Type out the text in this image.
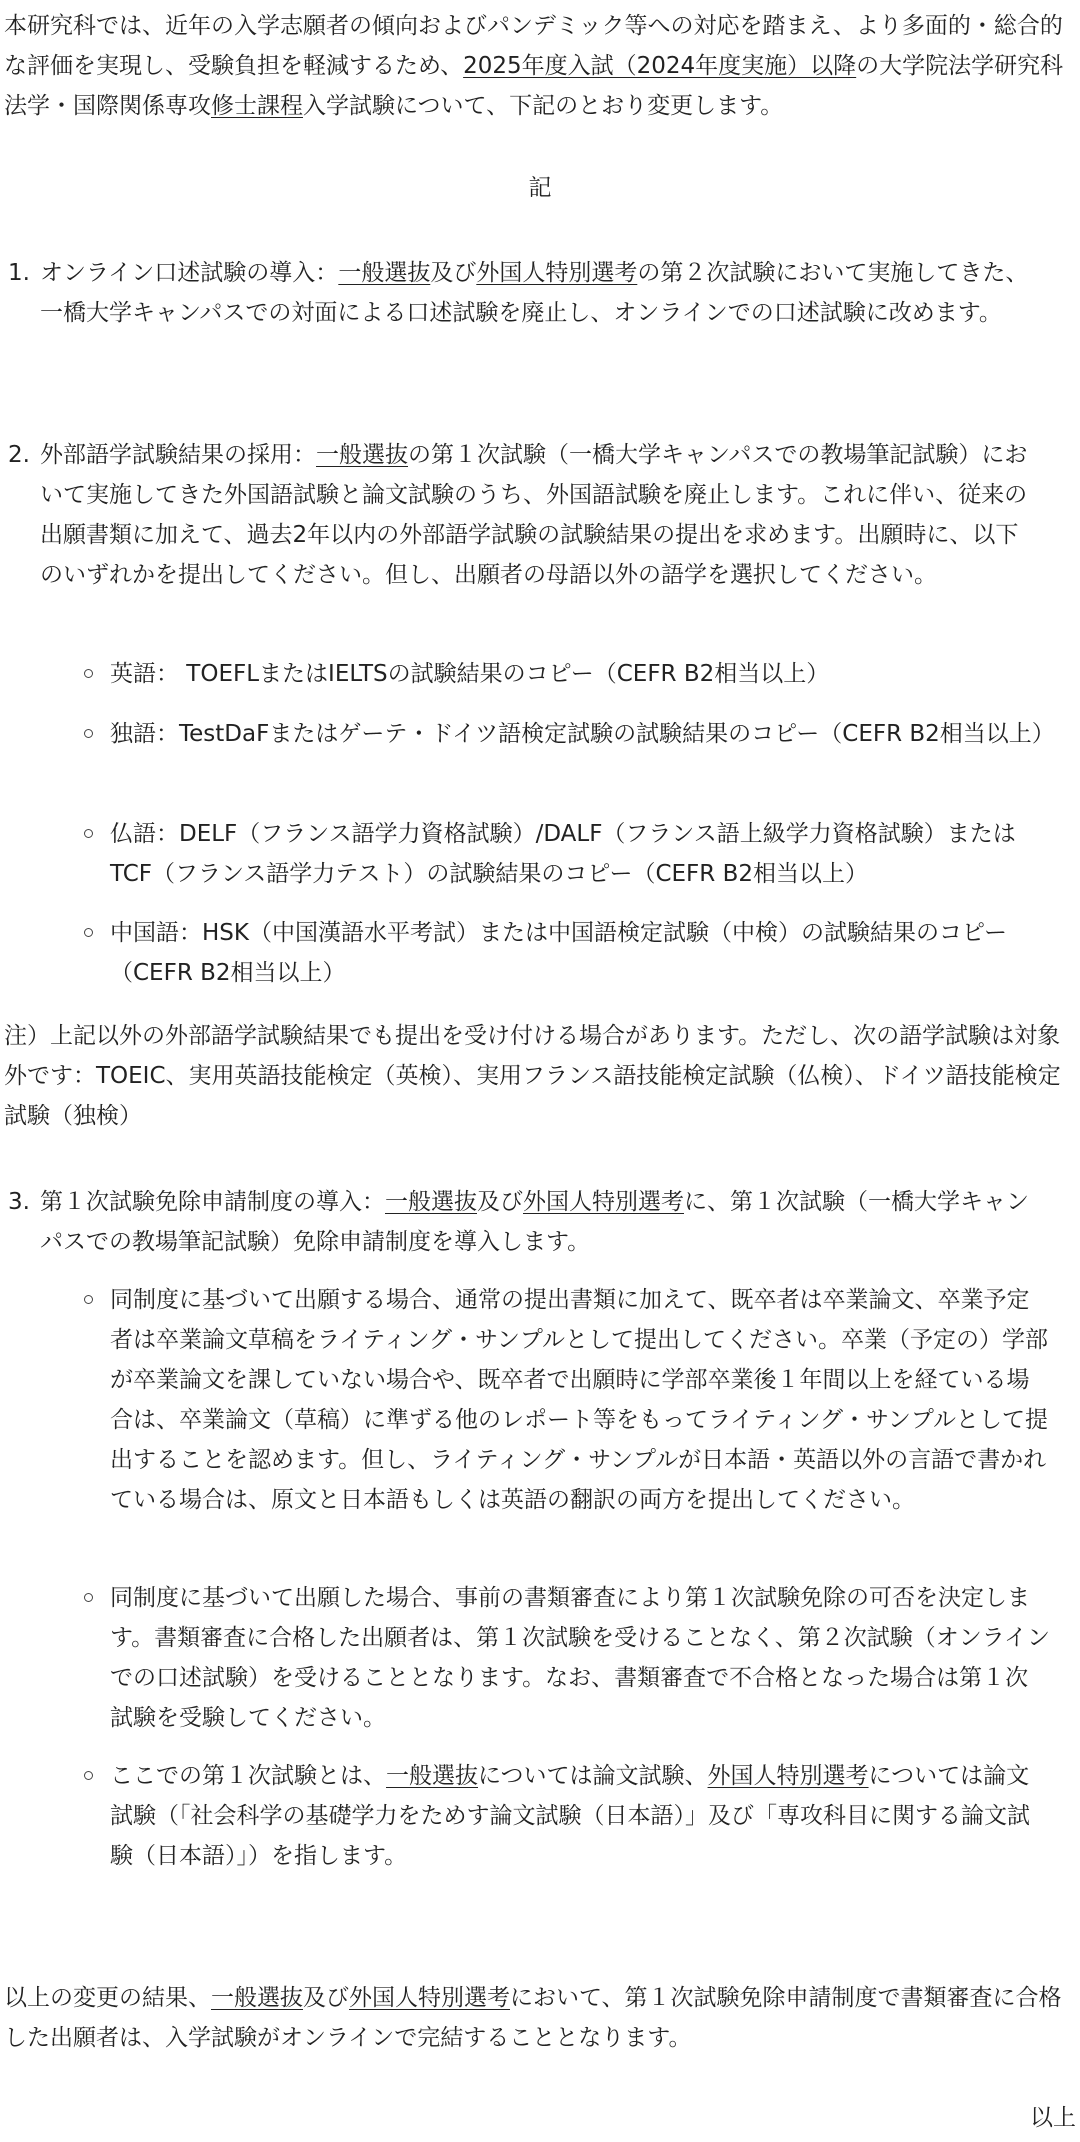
本研究科では、近年の入学志願者の傾向およびパンデミック等への対応を踏まえ、より多面的・総合的な評価を実現し、受験負担を軽減するため、2025年度入試（2024年度実施）以降の大学院法学研究科法学・国際関係専攻修士課程入学試験について、下記のとおり変更します。

記

1. オンライン口述試験の導入：一般選抜及び外国人特別選考の第２次試験において実施してきた、一橋大学キャンパスでの対面による口述試験を廃止し、オンラインでの口述試験に改めます。

2. 外部語学試験結果の採用：一般選抜の第１次試験（一橋大学キャンパスでの教場筆記試験）において実施してきた外国語試験と論文試験のうち、外国語試験を廃止します。これに伴い、従来の出願書類に加えて、過去2年以内の外部語学試験の試験結果の提出を求めます。出願時に、以下のいずれかを提出してください。但し、出願者の母語以外の語学を選択してください。

英語： TOEFLまたはIELTSの試験結果のコピー（CEFR B2相当以上）

独語：TestDaFまたはゲーテ・ドイツ語検定試験の試験結果のコピー（CEFR B2相当以上）

仏語：DELF（フランス語学力資格試験）/DALF（フランス語上級学力資格試験）またはTCF（フランス語学力テスト）の試験結果のコピー（CEFR B2相当以上）

中国語：HSK（中国漢語水平考試）または中国語検定試験（中検）の試験結果のコピー（CEFR B2相当以上）

注）上記以外の外部語学試験結果でも提出を受け付ける場合があります。ただし、次の語学試験は対象外です：TOEIC、実用英語技能検定（英検）、実用フランス語技能検定試験（仏検）、ドイツ語技能検定試験（独検）

3. 第１次試験免除申請制度の導入：一般選抜及び外国人特別選考に、第１次試験（一橋大学キャンパスでの教場筆記試験）免除申請制度を導入します。

同制度に基づいて出願する場合、通常の提出書類に加えて、既卒者は卒業論文、卒業予定者は卒業論文草稿をライティング・サンプルとして提出してください。卒業（予定の）学部が卒業論文を課していない場合や、既卒者で出願時に学部卒業後１年間以上を経ている場合は、卒業論文（草稿）に準ずる他のレポート等をもってライティング・サンプルとして提出することを認めます。但し、ライティング・サンプルが日本語・英語以外の言語で書かれている場合は、原文と日本語もしくは英語の翻訳の両方を提出してください。

同制度に基づいて出願した場合、事前の書類審査により第１次試験免除の可否を決定します。書類審査に合格した出願者は、第１次試験を受けることなく、第２次試験（オンラインでの口述試験）を受けることとなります。なお、書類審査で不合格となった場合は第１次試験を受験してください。

ここでの第１次試験とは、一般選抜については論文試験、外国人特別選考については論文試験（「社会科学の基礎学力をためす論文試験（日本語）」及び「専攻科目に関する論文試験（日本語）」）を指します。

以上の変更の結果、一般選抜及び外国人特別選考において、第１次試験免除申請制度で書類審査に合格した出願者は、入学試験がオンラインで完結することとなります。

以上
